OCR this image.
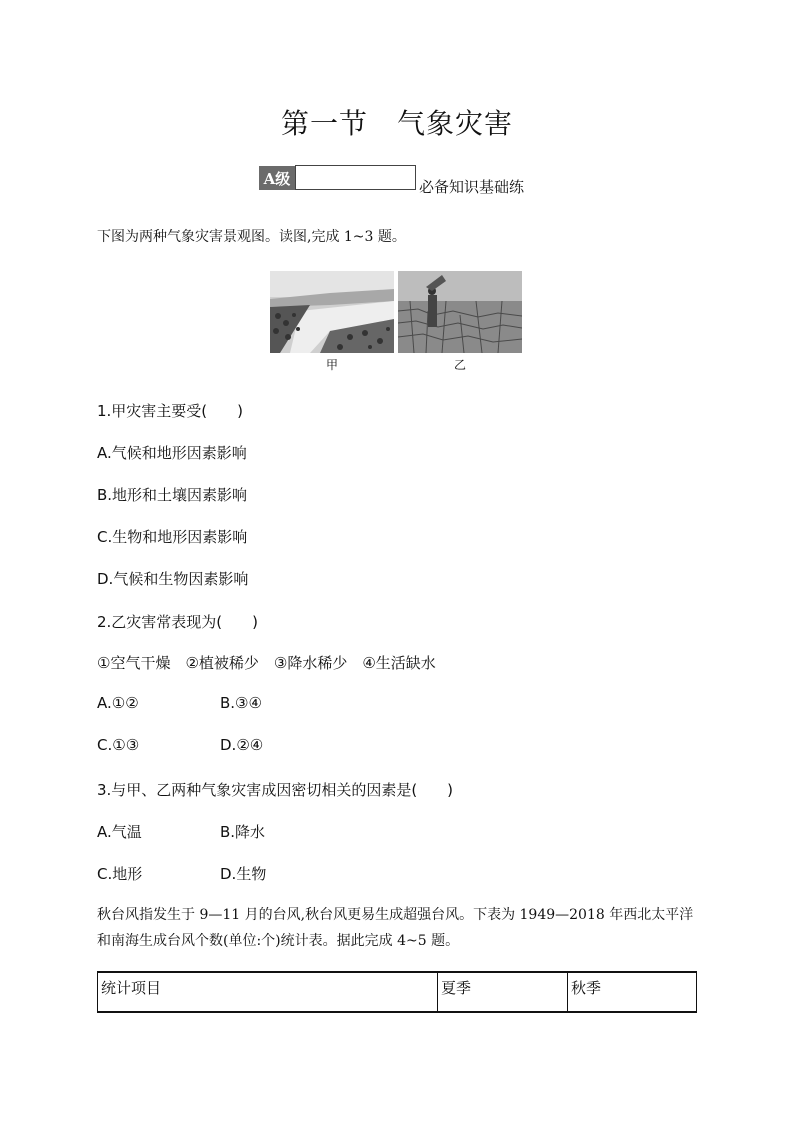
第一节　气象灾害
A级	必备知识基础练
下图为两种气象灾害景观图。读图,完成 1~3 题。
甲	乙
1.甲灾害主要受(　　)
A.气候和地形因素影响
B.地形和土壤因素影响
C.生物和地形因素影响
D.气候和生物因素影响
2.乙灾害常表现为(　　)
①空气干燥　②植被稀少　③降水稀少　④生活缺水
A.①②	B.③④
C.①③	D.②④
3.与甲、乙两种气象灾害成因密切相关的因素是(　　)
A.气温	B.降水
C.地形	D.生物
秋台风指发生于 9—11 月的台风,秋台风更易生成超强台风。下表为 1949—2018 年西北太平洋和南海生成台风个数(单位:个)统计表。据此完成 4~5 题。
统计项目	夏季	秋季
